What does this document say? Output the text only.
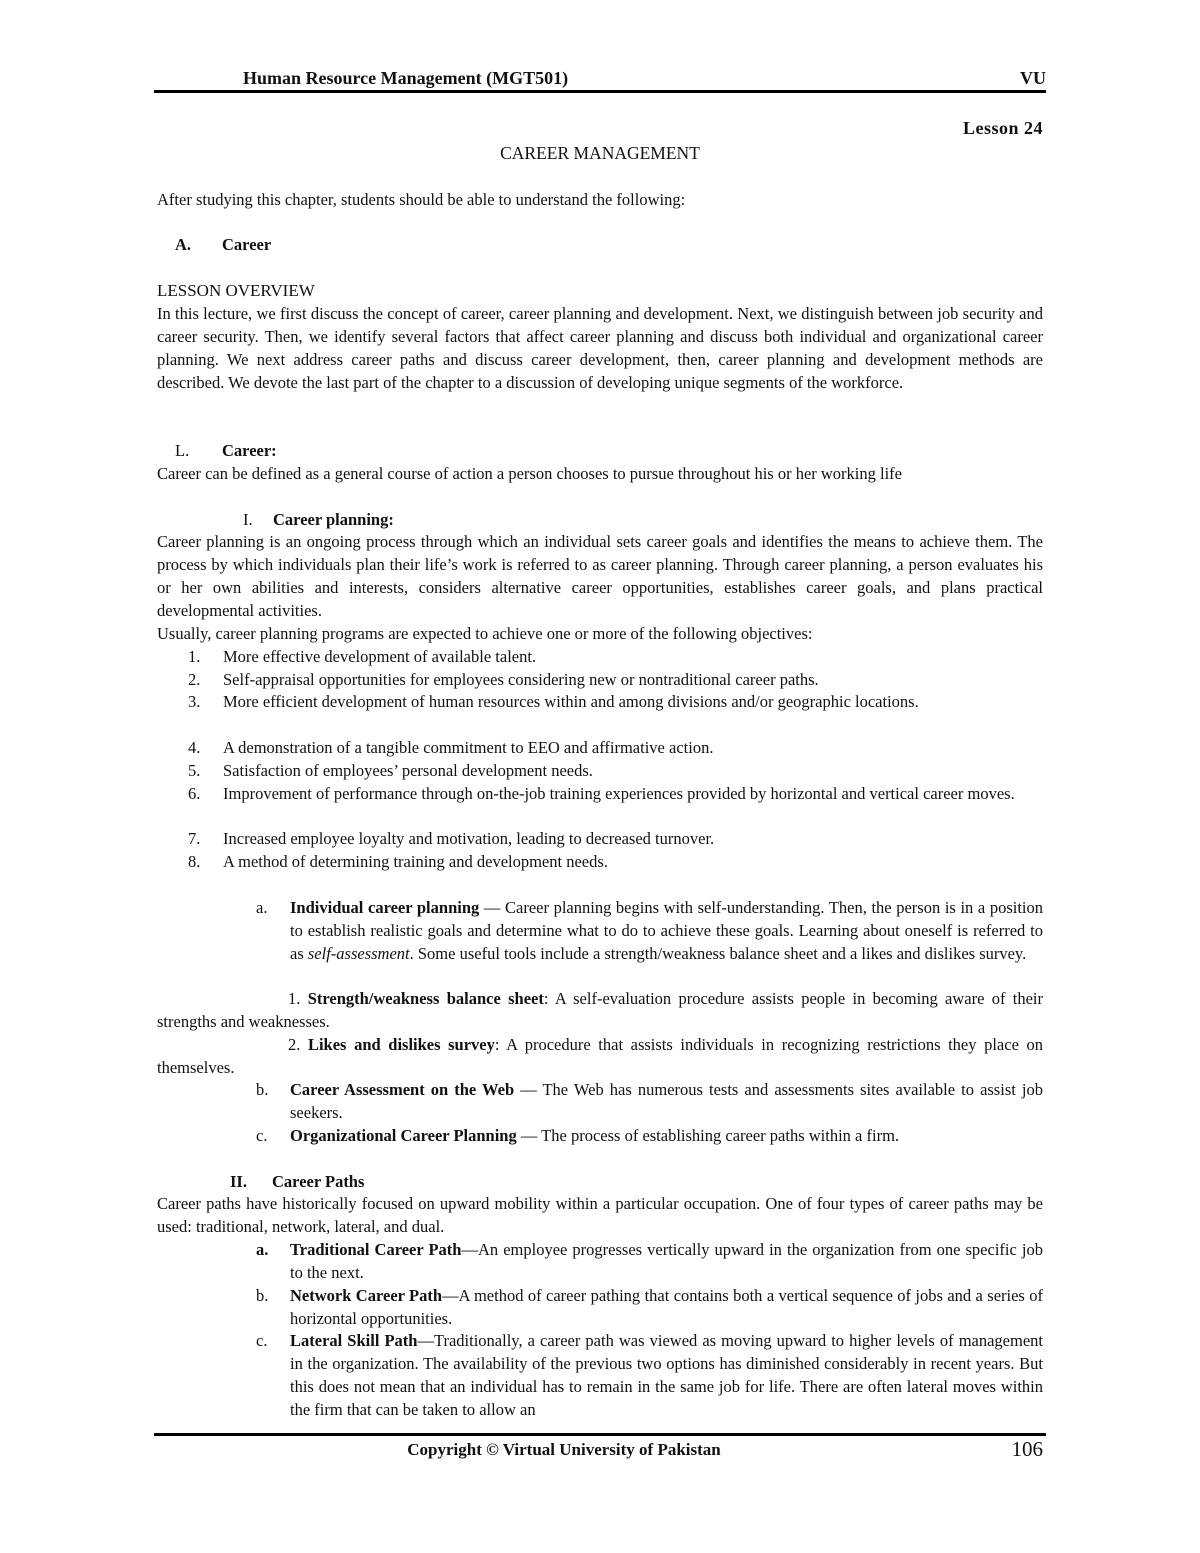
Human Resource Management (MGT501)	VU
Lesson 24
CAREER MANAGEMENT
After studying this chapter, students should be able to understand the following:
A.	Career
LESSON OVERVIEW
In this lecture, we first discuss the concept of career, career planning and development. Next, we distinguish between job security and career security. Then, we identify several factors that affect career planning and discuss both individual and organizational career planning. We next address career paths and discuss career development, then, career planning and development methods are described. We devote the last part of the chapter to a discussion of developing unique segments of the workforce.
L.	Career:
Career can be defined as a general course of action a person chooses to pursue throughout his or her working life
I.	Career planning:
Career planning is an ongoing process through which an individual sets career goals and identifies the means to achieve them. The process by which individuals plan their life’s work is referred to as career planning. Through career planning, a person evaluates his or her own abilities and interests, considers alternative career opportunities, establishes career goals, and plans practical developmental activities.
Usually, career planning programs are expected to achieve one or more of the following objectives:
1.	More effective development of available talent.
2.	Self-appraisal opportunities for employees considering new or nontraditional career paths.
3.	More efficient development of human resources within and among divisions and/or geographic locations.
4.	A demonstration of a tangible commitment to EEO and affirmative action.
5.	Satisfaction of employees’ personal development needs.
6.	Improvement of performance through on-the-job training experiences provided by horizontal and vertical career moves.
7.	Increased employee loyalty and motivation, leading to decreased turnover.
8.	A method of determining training and development needs.
a.	Individual career planning — Career planning begins with self-understanding. Then, the person is in a position to establish realistic goals and determine what to do to achieve these goals. Learning about oneself is referred to as self-assessment. Some useful tools include a strength/weakness balance sheet and a likes and dislikes survey.
1. Strength/weakness balance sheet: A self-evaluation procedure assists people in becoming aware of their strengths and weaknesses.
2. Likes and dislikes survey: A procedure that assists individuals in recognizing restrictions they place on themselves.
b.	Career Assessment on the Web — The Web has numerous tests and assessments sites available to assist job seekers.
c.	Organizational Career Planning — The process of establishing career paths within a firm.
II.	Career Paths
Career paths have historically focused on upward mobility within a particular occupation. One of four types of career paths may be used: traditional, network, lateral, and dual.
a.	Traditional Career Path—An employee progresses vertically upward in the organization from one specific job to the next.
b.	Network Career Path—A method of career pathing that contains both a vertical sequence of jobs and a series of horizontal opportunities.
c.	Lateral Skill Path—Traditionally, a career path was viewed as moving upward to higher levels of management in the organization. The availability of the previous two options has diminished considerably in recent years. But this does not mean that an individual has to remain in the same job for life. There are often lateral moves within the firm that can be taken to allow an
Copyright © Virtual University of Pakistan	106
